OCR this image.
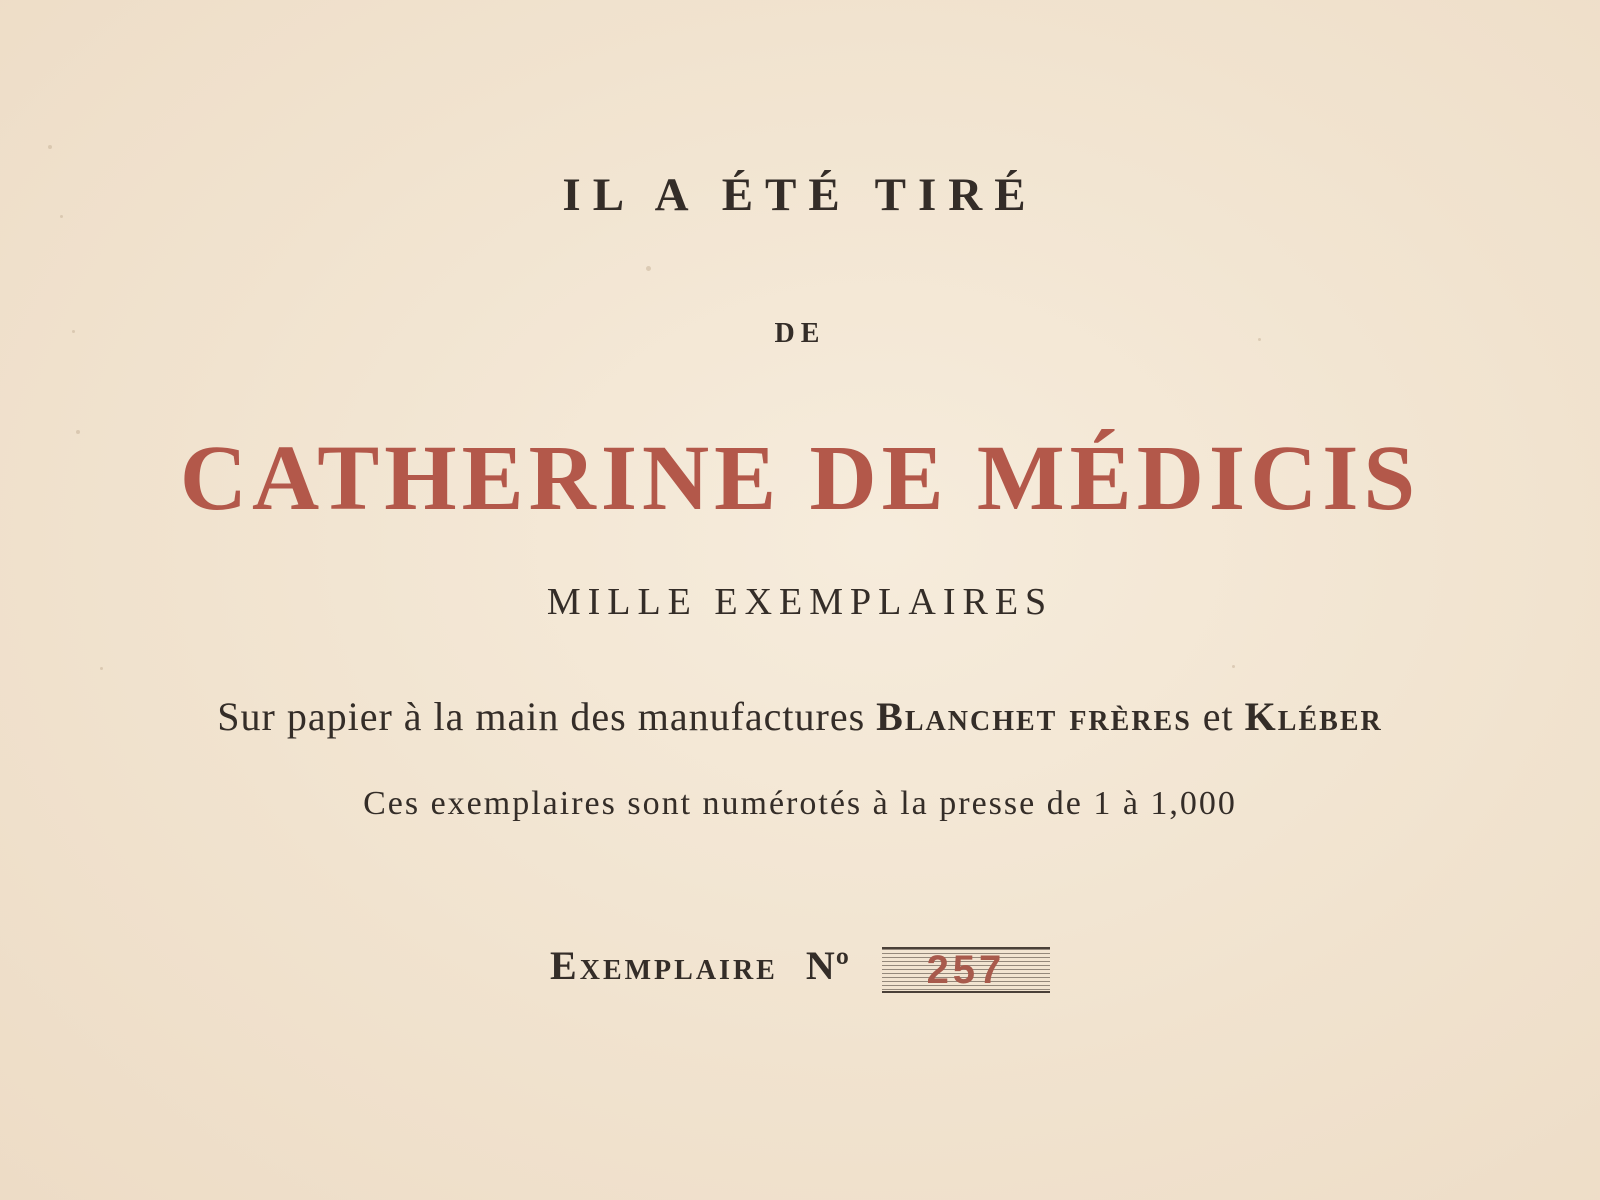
IL A ÉTÉ TIRÉ
DE
CATHERINE DE MÉDICIS
MILLE EXEMPLAIRES
Sur papier à la main des manufactures Blanchet frères et Kléber
Ces exemplaires sont numérotés à la presse de 1 à 1,000
Exemplaire Nº	257
